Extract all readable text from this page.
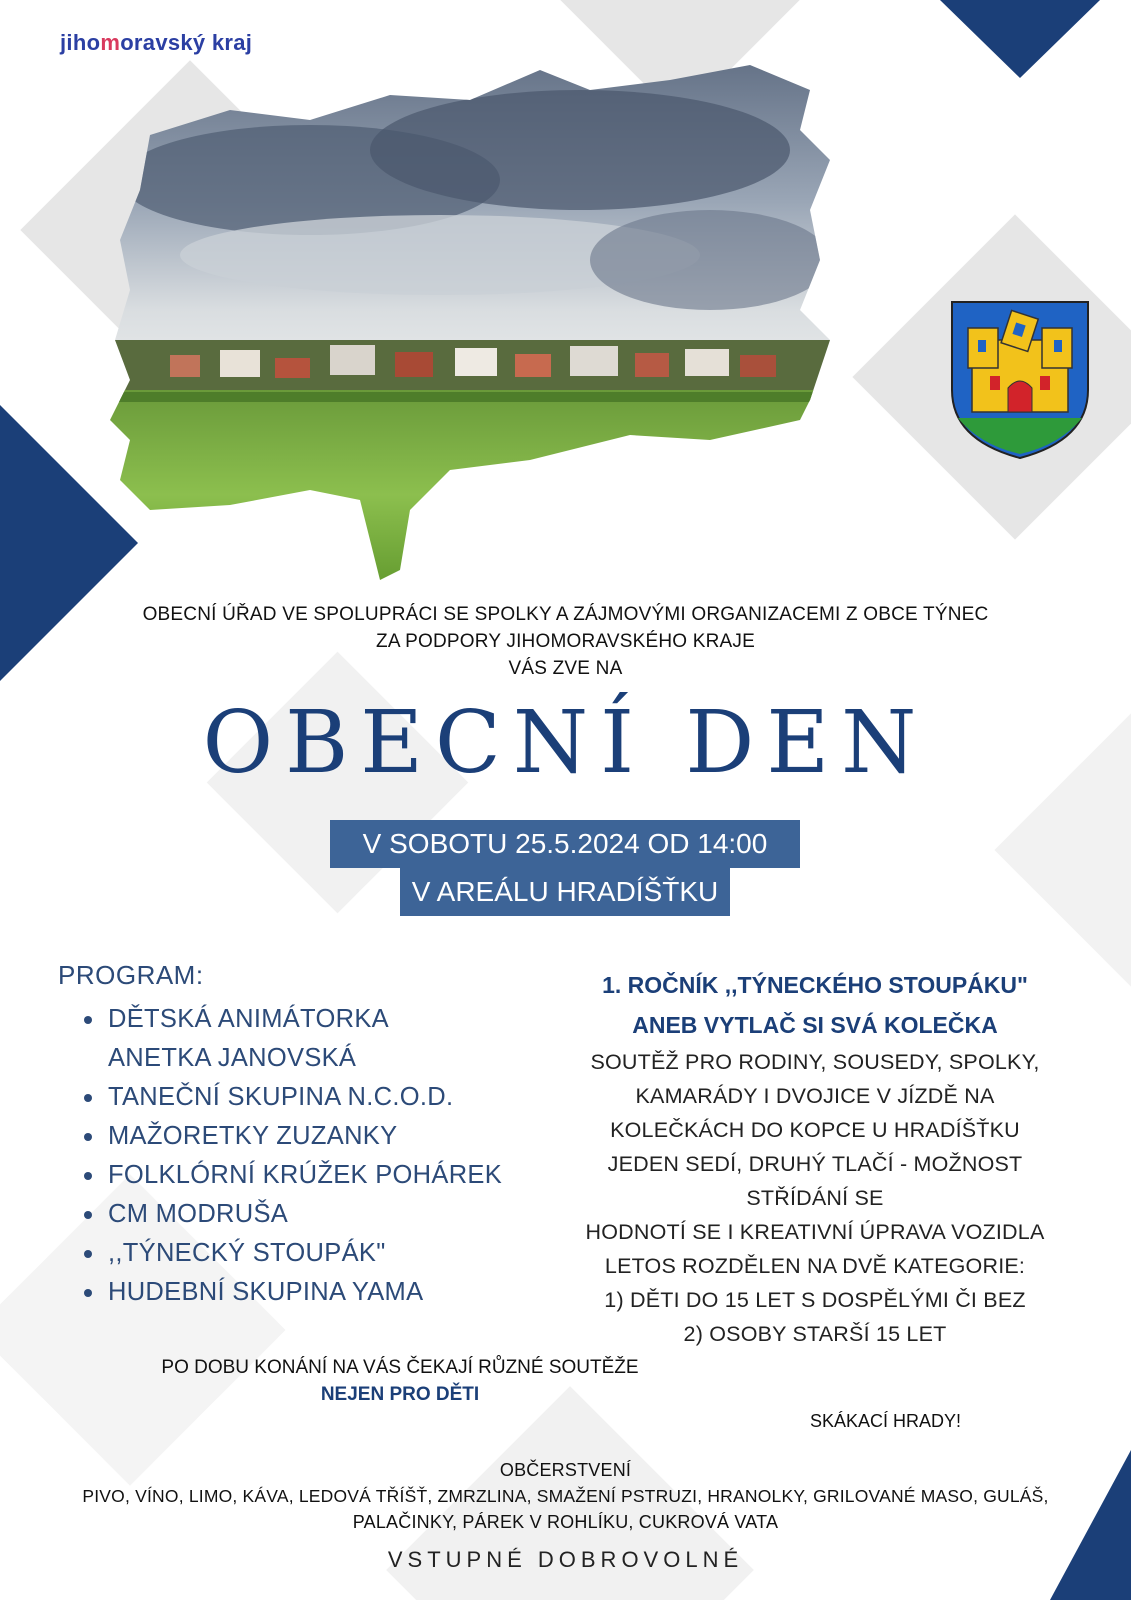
jihomoravský kraj
OBECNÍ ÚŘAD VE SPOLUPRÁCI SE SPOLKY A ZÁJMOVÝMI ORGANIZACEMI Z OBCE TÝNEC
ZA PODPORY JIHOMORAVSKÉHO KRAJE
VÁS ZVE NA
OBECNÍ DEN
V SOBOTU 25.5.2024 OD 14:00
V AREÁLU HRADÍŠŤKU
PROGRAM:
DĚTSKÁ ANIMÁTORKA
ANETKA JANOVSKÁ
TANEČNÍ SKUPINA N.C.O.D.
MAŽORETKY ZUZANKY
FOLKLÓRNÍ KRÚŽEK POHÁREK
CM MODRUŠA
,,TÝNECKÝ STOUPÁK"
HUDEBNÍ SKUPINA YAMA
1. ROČNÍK ,,TÝNECKÉHO STOUPÁKU"
ANEB VYTLAČ SI SVÁ KOLEČKA
SOUTĚŽ PRO RODINY, SOUSEDY, SPOLKY,
KAMARÁDY I DVOJICE V JÍZDĚ NA
KOLEČKÁCH DO KOPCE U HRADÍŠŤKU
JEDEN SEDÍ, DRUHÝ TLAČÍ - MOŽNOST
STŘÍDÁNÍ SE
HODNOTÍ SE I KREATIVNÍ ÚPRAVA VOZIDLA
LETOS ROZDĚLEN NA DVĚ KATEGORIE:
1) DĚTI DO 15 LET S DOSPĚLÝMI ČI BEZ
2) OSOBY STARŠÍ 15 LET
PO DOBU KONÁNÍ NA VÁS ČEKAJÍ RŮZNÉ SOUTĚŽE
NEJEN PRO DĚTI
SKÁKACÍ HRADY!
OBČERSTVENÍ
PIVO, VÍNO, LIMO, KÁVA, LEDOVÁ TŘÍŠŤ, ZMRZLINA, SMAŽENÍ PSTRUZI, HRANOLKY, GRILOVANÉ MASO, GULÁŠ,
PALAČINKY, PÁREK V ROHLÍKU, CUKROVÁ VATA
VSTUPNÉ DOBROVOLNÉ
